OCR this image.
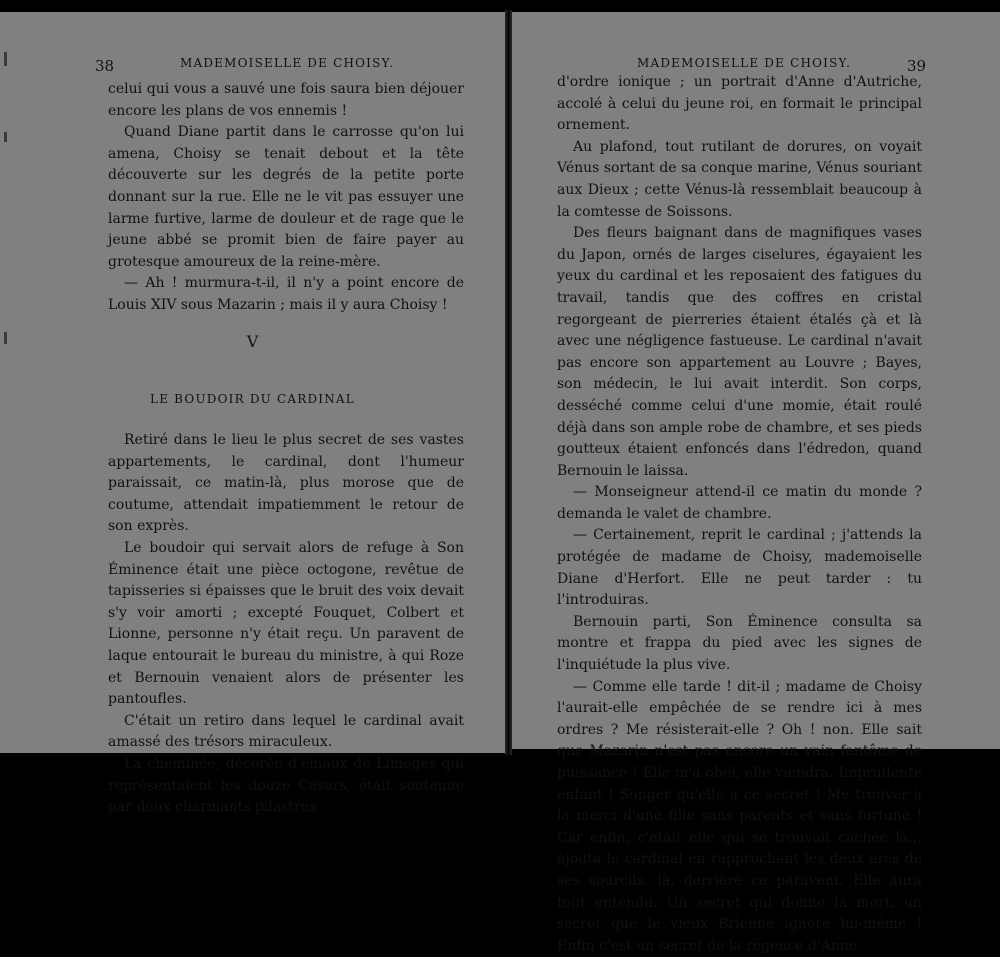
38	MADEMOISELLE DE CHOISY.

celui qui vous a sauvé une fois saura bien déjouer encore les plans de vos ennemis !

Quand Diane partit dans le carrosse qu'on lui amena, Choisy se tenait debout et la tête découverte sur les degrés de la petite porte donnant sur la rue. Elle ne le vit pas essuyer une larme furtive, larme de douleur et de rage que le jeune abbé se promit bien de faire payer au grotesque amoureux de la reine-mère.

— Ah ! murmura-t-il, il n'y a point encore de Louis XIV sous Mazarin ; mais il y aura Choisy !

V
LE BOUDOIR DU CARDINAL

Retiré dans le lieu le plus secret de ses vastes appartements, le cardinal, dont l'humeur paraissait, ce matin-là, plus morose que de coutume, attendait impatiemment le retour de son exprès.

Le boudoir qui servait alors de refuge à Son Éminence était une pièce octogone, revêtue de tapisseries si épaisses que le bruit des voix devait s'y voir amorti ; excepté Fouquet, Colbert et Lionne, personne n'y était reçu. Un paravent de laque entourait le bureau du ministre, à qui Roze et Bernouin venaient alors de présenter les pantoufles.

C'était un retiro dans lequel le cardinal avait amassé des trésors miraculeux.

La cheminée, décorée d'émaux de Limoges qui représentaient les douze Césars, était soutenue par deux charmants pilastres

MADEMOISELLE DE CHOISY.	39

d'ordre ionique ; un portrait d'Anne d'Autriche, accolé à celui du jeune roi, en formait le principal ornement.

Au plafond, tout rutilant de dorures, on voyait Vénus sortant de sa conque marine, Vénus souriant aux Dieux ; cette Vénus-là ressemblait beaucoup à la comtesse de Soissons.

Des fleurs baignant dans de magnifiques vases du Japon, ornés de larges ciselures, égayaient les yeux du cardinal et les reposaient des fatigues du travail, tandis que des coffres en cristal regorgeant de pierreries étaient étalés çà et là avec une négligence fastueuse. Le cardinal n'avait pas encore son appartement au Louvre ; Bayes, son médecin, le lui avait interdit. Son corps, desséché comme celui d'une momie, était roulé déjà dans son ample robe de chambre, et ses pieds goutteux étaient enfoncés dans l'édredon, quand Bernouin le laissa.

— Monseigneur attend-il ce matin du monde ? demanda le valet de chambre.

— Certainement, reprit le cardinal ; j'attends la protégée de madame de Choisy, mademoiselle Diane d'Herfort. Elle ne peut tarder : tu l'introduiras.

Bernouin parti, Son Éminence consulta sa montre et frappa du pied avec les signes de l'inquiétude la plus vive.

— Comme elle tarde ! dit-il ; madame de Choisy l'aurait-elle empêchée de se rendre ici à mes ordres ? Me résisterait-elle ? Oh ! non. Elle sait que Mazarin n'est pas encore un vain fantôme de puissance ! Elle m'a obéi, elle viendra. Imprudente enfant ! Songer qu'elle a ce secret ! Me trouver à la merci d'une fille sans parents et sans fortune ! Car enfin, c'était elle qui se trouvait cachée là… ajouta le cardinal en rapprochant les deux arcs de ses sourcils, là, derrière ce paravent. Elle aura tout entendu. Un secret qui donne la mort, un secret que le vieux Brienne ignore lui-même ! Enfin c'est un secret de la régence d'Anne
